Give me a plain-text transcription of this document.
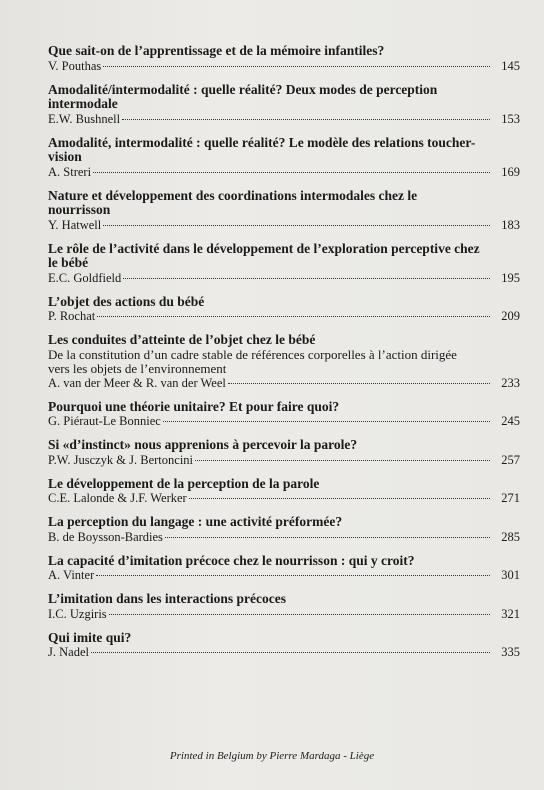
Que sait-on de l’apprentissage et de la mémoire infantiles?
V. Pouthas	145
Amodalité/intermodalité : quelle réalité? Deux modes de perception intermodale
E.W. Bushnell	153
Amodalité, intermodalité : quelle réalité? Le modèle des relations toucher-vision
A. Streri	169
Nature et développement des coordinations intermodales chez le nourrisson
Y. Hatwell	183
Le rôle de l’activité dans le développement de l’exploration perceptive chez le bébé
E.C. Goldfield	195
L’objet des actions du bébé
P. Rochat	209
Les conduites d’atteinte de l’objet chez le bébé
De la constitution d’un cadre stable de références corporelles à l’action dirigée vers les objets de l’environnement
A. van der Meer & R. van der Weel	233
Pourquoi une théorie unitaire? Et pour faire quoi?
G. Piéraut-Le Bonniec	245
Si «d’instinct» nous apprenions à percevoir la parole?
P.W. Jusczyk & J. Bertoncini	257
Le développement de la perception de la parole
C.E. Lalonde & J.F. Werker	271
La perception du langage : une activité préformée?
B. de Boysson-Bardies	285
La capacité d’imitation précoce chez le nourrisson : qui y croit?
A. Vinter	301
L’imitation dans les interactions précoces
I.C. Uzgiris	321
Qui imite qui?
J. Nadel	335
Printed in Belgium by Pierre Mardaga - Liège
